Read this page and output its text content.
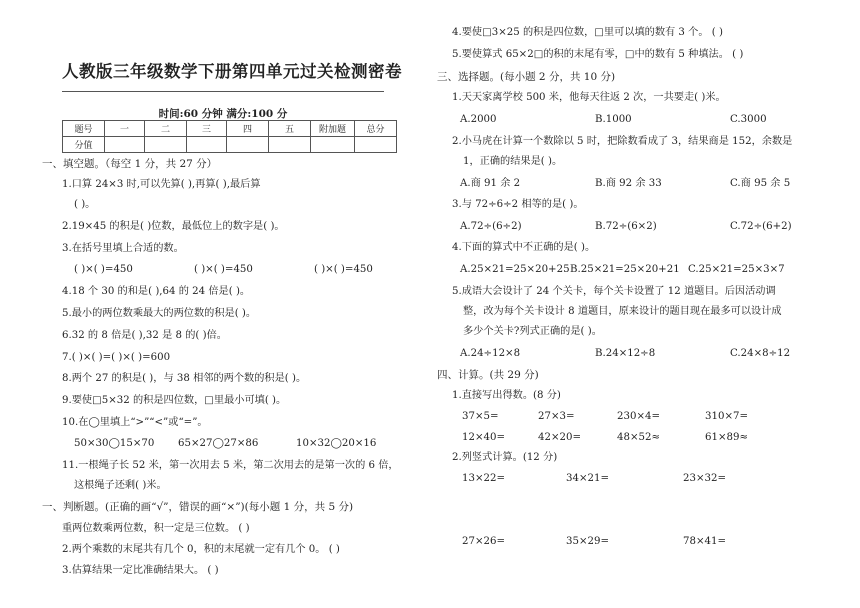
人教版三年级数学下册第四单元过关检测密卷
时间:60 分钟 满分:100 分
题号	一	二	三	四	五	附加题	总分
分值							
一、填空题。（每空 1 分，共 27 分）
1.口算 24×3 时,可以先算( ),再算( ),最后算
( )。
2.19×45 的积是( )位数，最低位上的数字是( )。
3.在括号里填上合适的数。
( )×( )=450	( )×( )=450	( )×( )=450
4.18 个 30 的和是( ),64 的 24 倍是( )。
5.最小的两位数乘最大的两位数的积是( )。
6.32 的 8 倍是( ),32 是 8 的( )倍。
7.( )×( )=( )×( )=600
8.两个 27 的积是( )，与 38 相邻的两个数的积是( )。
9.要使□5×32 的积是四位数，□里最小可填( )。
10.在◯里填上“>”“<”或“=”。
50×30◯15×70 65×27◯27×86	10×32◯20×16
11.一根绳子长 52 米，第一次用去 5 米，第二次用去的是第一次的 6 倍，
这根绳子还剩( )米。
一、判断题。(正确的画“√”，错误的画“×”)(每小题 1 分，共 5 分)
重两位数乘两位数，积一定是三位数。 ( )
2.两个乘数的末尾共有几个 0，积的末尾就一定有几个 0。 ( )
3.估算结果一定比准确结果大。 ( )
4.要使□3×25 的积是四位数，□里可以填的数有 3 个。 ( )
5.要使算式 65×2□的积的末尾有零，□中的数有 5 种填法。 ( )
三、选择题。(每小题 2 分，共 10 分)
1.天天家离学校 500 米，他每天往返 2 次，一共要走( )米。
A.2000	B.1000	C.3000
2.小马虎在计算一个数除以 5 时，把除数看成了 3，结果商是 152，余数是
1，正确的结果是( )。
A.商 91 余 2	B.商 92 余 33	C.商 95 余 5
3.与 72÷6÷2 相等的是( )。
A.72÷(6÷2)	B.72÷(6×2)	C.72÷(6+2)
4.下面的算式中不正确的是( )。
A.25×21=25×20+25 B.25×21=25×20+21 C.25×21=25×3×7
5.成语大会设计了 24 个关卡，每个关卡设置了 12 道题目。后因活动调
整，改为每个关卡设计 8 道题目，原来设计的题目现在最多可以设计成
多少个关卡?列式正确的是( )。
A.24÷12×8	B.24×12÷8	C.24×8÷12
四、计算。(共 29 分)
1.直接写出得数。(8 分)
37×5=	27×3=	230×4=	310×7=
12×40=	42×20=	48×52≈	61×89≈
2.列竖式计算。(12 分)
13×22=	34×21=	23×32=
27×26=	35×29=	78×41=
